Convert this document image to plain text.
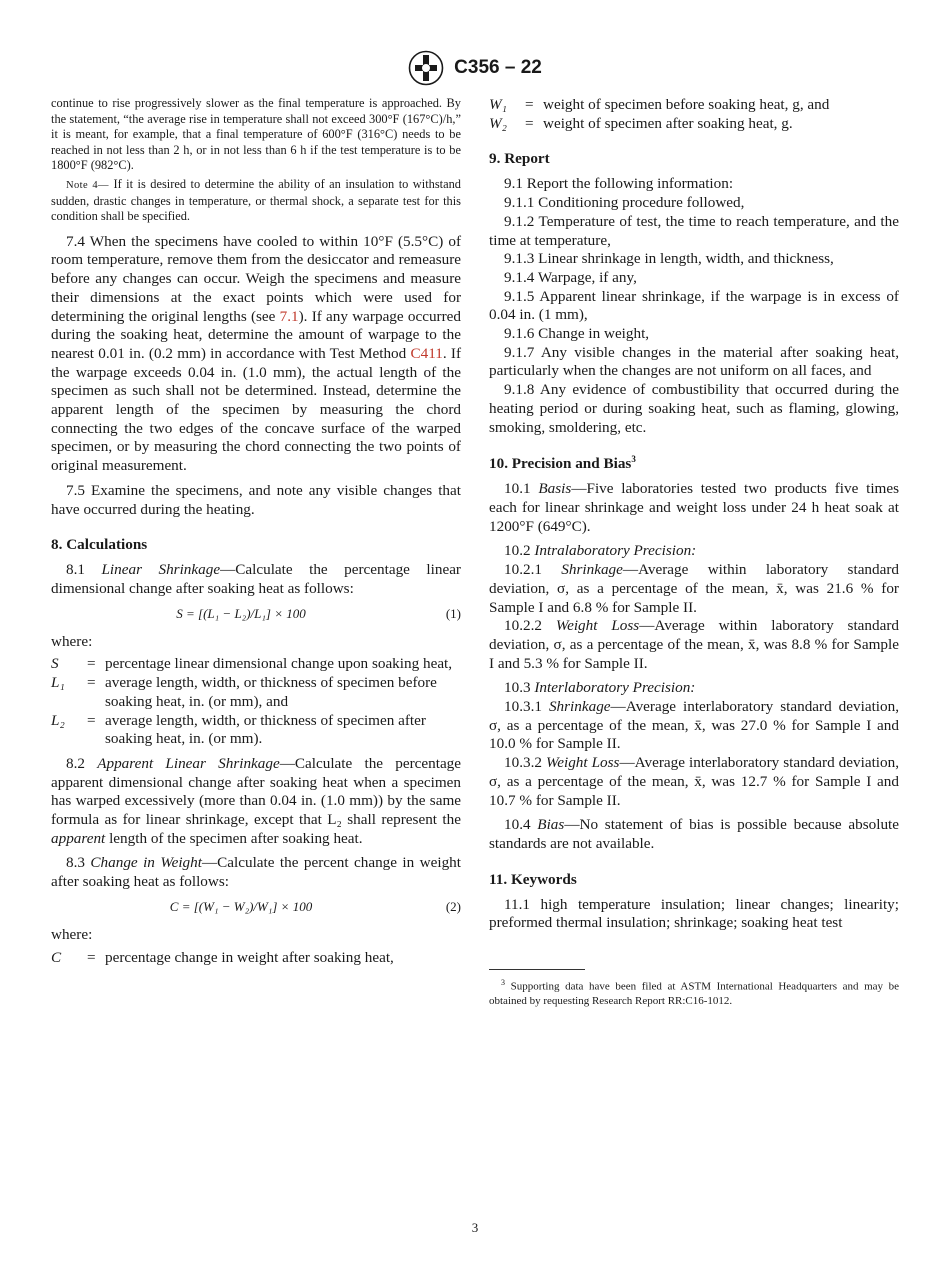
C356 – 22

continue to rise progressively slower as the final temperature is approached. By the statement, “the average rise in temperature shall not exceed 300°F (167°C)/h,” it is meant, for example, that a final temperature of 600°F (316°C) needs to be reached in not less than 2 h, or in not less than 6 h if the test temperature is to be 1800°F (982°C).

Note 4— If it is desired to determine the ability of an insulation to withstand sudden, drastic changes in temperature, or thermal shock, a separate test for this condition shall be specified.

7.4 When the specimens have cooled to within 10°F (5.5°C) of room temperature, remove them from the desiccator and remeasure before any changes can occur. Weigh the specimens and measure their dimensions at the exact points which were used for determining the original lengths (see 7.1). If any warpage occurred during the soaking heat, determine the amount of warpage to the nearest 0.01 in. (0.2 mm) in accordance with Test Method C411. If the warpage exceeds 0.04 in. (1.0 mm), the actual length of the specimen as such shall not be determined. Instead, determine the apparent length of the specimen by measuring the chord connecting the two edges of the concave surface of the warped specimen, or by measuring the chord connecting the two points of original measurement.

7.5 Examine the specimens, and note any visible changes that have occurred during the heating.

8. Calculations

8.1 Linear Shrinkage—Calculate the percentage linear dimensional change after soaking heat as follows:

S = [(L₁ − L₂)/L₁] × 100	(1)

where:

S	= percentage linear dimensional change upon soaking heat,
L₁	= average length, width, or thickness of specimen before soaking heat, in. (or mm), and
L₂	= average length, width, or thickness of specimen after soaking heat, in. (or mm).

8.2 Apparent Linear Shrinkage—Calculate the percentage apparent dimensional change after soaking heat when a specimen has warped excessively (more than 0.04 in. (1.0 mm)) by the same formula as for linear shrinkage, except that L₂ shall represent the apparent length of the specimen after soaking heat.

8.3 Change in Weight—Calculate the percent change in weight after soaking heat as follows:

C = [(W₁ − W₂)/W₁] × 100	(2)

where:

C	= percentage change in weight after soaking heat,
W₁	= weight of specimen before soaking heat, g, and
W₂	= weight of specimen after soaking heat, g.
9. Report

9.1 Report the following information:

9.1.1 Conditioning procedure followed,

9.1.2 Temperature of test, the time to reach temperature, and the time at temperature,

9.1.3 Linear shrinkage in length, width, and thickness,

9.1.4 Warpage, if any,

9.1.5 Apparent linear shrinkage, if the warpage is in excess of 0.04 in. (1 mm),

9.1.6 Change in weight,

9.1.7 Any visible changes in the material after soaking heat, particularly when the changes are not uniform on all faces, and

9.1.8 Any evidence of combustibility that occurred during the heating period or during soaking heat, such as flaming, glowing, smoking, smoldering, etc.

10. Precision and Bias$^3$

10.1 Basis—Five laboratories tested two products five times each for linear shrinkage and weight loss under 24 h heat soak at 1200°F (649°C).

10.2 Intralaboratory Precision:

10.2.1 Shrinkage—Average within laboratory standard deviation, σ, as a percentage of the mean, x̄, was 21.6 % for Sample I and 6.8 % for Sample II.

10.2.2 Weight Loss—Average within laboratory standard deviation, σ, as a percentage of the mean, x̄, was 8.8 % for Sample I and 5.3 % for Sample II.

10.3 Interlaboratory Precision:

10.3.1 Shrinkage—Average interlaboratory standard deviation, σ, as a percentage of the mean, x̄, was 27.0 % for Sample I and 10.0 % for Sample II.

10.3.2 Weight Loss—Average interlaboratory standard deviation, σ, as a percentage of the mean, x̄, was 12.7 % for Sample I and 10.7 % for Sample II.

10.4 Bias—No statement of bias is possible because absolute standards are not available.

11. Keywords

11.1 high temperature insulation; linear changes; linearity; preformed thermal insulation; shrinkage; soaking heat test

$^3$ Supporting data have been filed at ASTM International Headquarters and may be obtained by requesting Research Report RR:C16-1012.

3
